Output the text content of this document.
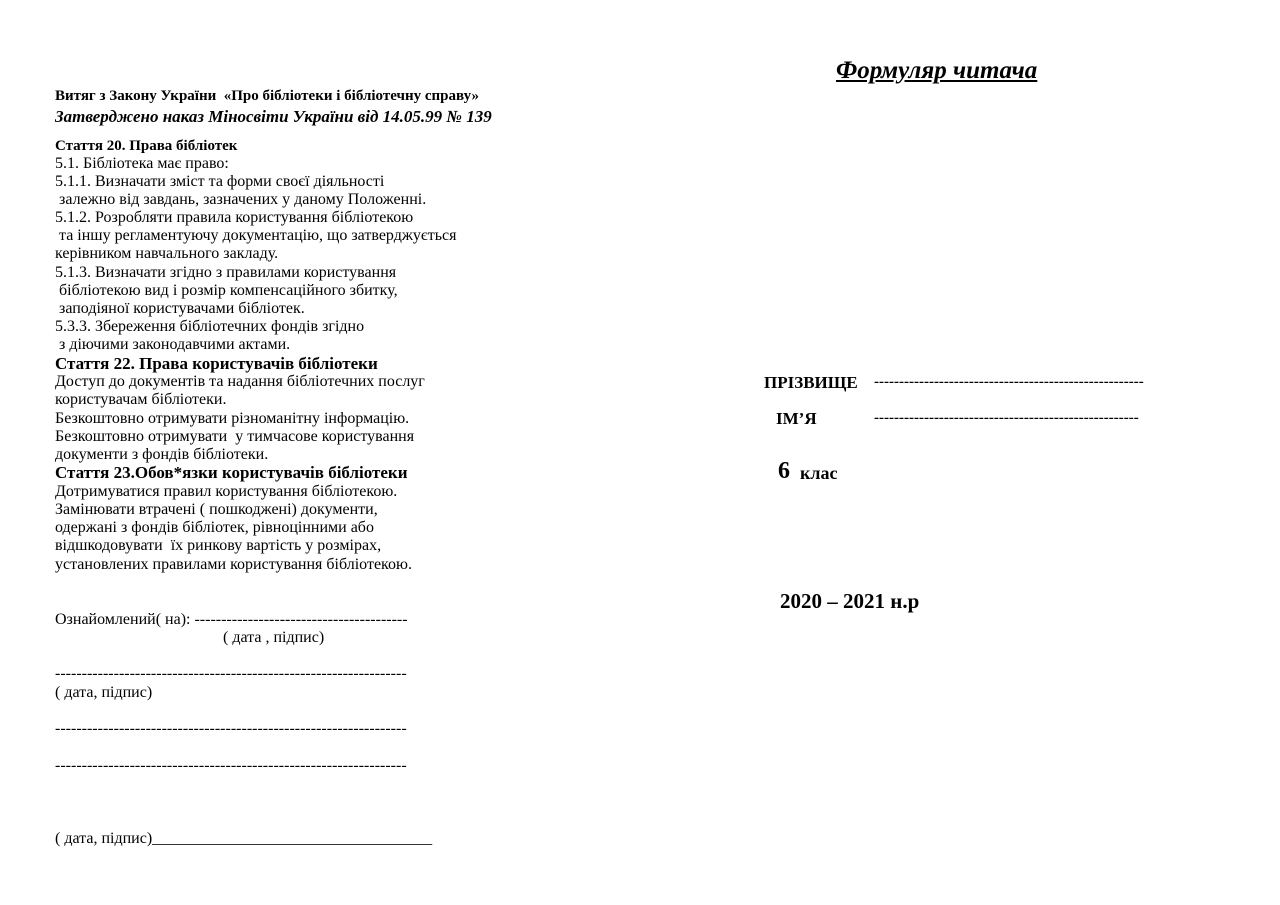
Витяг з Закону України  «Про бібліотеки і бібліотечну справу»
Затверджено наказ Міносвіти України від 14.05.99 № 139
Стаття 20. Права бібліотек
5.1. Бібліотека має право:
5.1.1. Визначати зміст та форми своєї діяльності
залежно від завдань, зазначених у даному Положенні.
5.1.2. Розробляти правила користування бібліотекою
та іншу регламентуючу документацію, що затверджується
керівником навчального закладу.
5.1.3. Визначати згідно з правилами користування
бібліотекою вид і розмір компенсаційного збитку,
заподіяної користувачами бібліотек.
5.3.3. Збереження бібліотечних фондів згідно
з діючими законодавчими актами.
Стаття 22. Права користувачів бібліотеки
Доступ до документів та надання бібліотечних послуг
користувачам бібліотеки.
Безкоштовно отримувати різноманітну інформацію.
Безкоштовно отримувати  у тимчасове користування
документи з фондів бібліотеки.
Стаття 23.Обов*язки користувачів бібліотеки
Дотримуватися правил користування бібліотекою.
Замінювати втрачені ( пошкоджені) документи,
одержані з фондів бібліотек, рівноцінними або
відшкодовувати  їх ринкову вартість у розмірах,
установлених правилами користування бібліотекою.
Ознайомлений( на): ----------------------------------------
( дата , підпис)
------------------------------------------------------------------
( дата, підпис)
------------------------------------------------------------------
------------------------------------------------------------------
( дата, підпис)___________________________________
Формуляр читача
ПРІЗВИЩЕ ------------------------------------------------------
ІМ’Я	-----------------------------------------------------
6 клас
2020 – 2021 н.р
